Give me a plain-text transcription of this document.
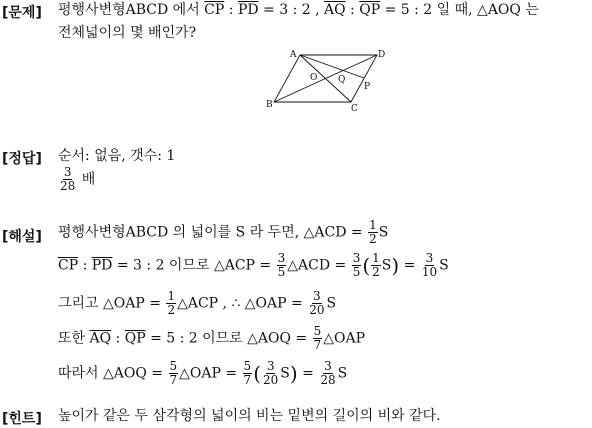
[문제] 평행사변형ABCD 에서 $\overline{CP}$ : $\overline{PD} = 3$ : 2 , $\overline{AQ}$ : $\overline{QP} = 5$ : 2 일 때, △AOQ 는
전체넓이의 몇 배인가?
A
B	C
D
O
P
Q
[정답] 순서: 없음, 갯수: 1
$\frac{3}{28}$ 배
[해설] 평행사변형ABCD 의 넓이를 S 라 두면, △ACD = $\frac{1}{2}$ S
$\overline{CP}$ : $\overline{PD} = 3$ : 2 이므로 △ACP = $\frac{3}{5}$ △ACD = $\frac{3}{5}$ ( $\frac{1}{2} S) = \frac{3}{10}$ S
그리고 △OAP = $\frac{1}{2}$ △ACP , ∴ △OAP = $\frac{3}{20}$ S
또한 $\overline{AQ}$ : $\overline{QP} = 5$ : 2 이므로 △AOQ = $\frac{5}{7}$ △OAP
따라서 △AOQ = $\frac{5}{7}$ △OAP = $\frac{5}{7}$ ( $\frac{3}{20} S) = \frac{3}{28}$ S
[힌트] 높이가 같은 두 삼각형의 넓이의 비는 밑변의 길이의 비와 같다.
